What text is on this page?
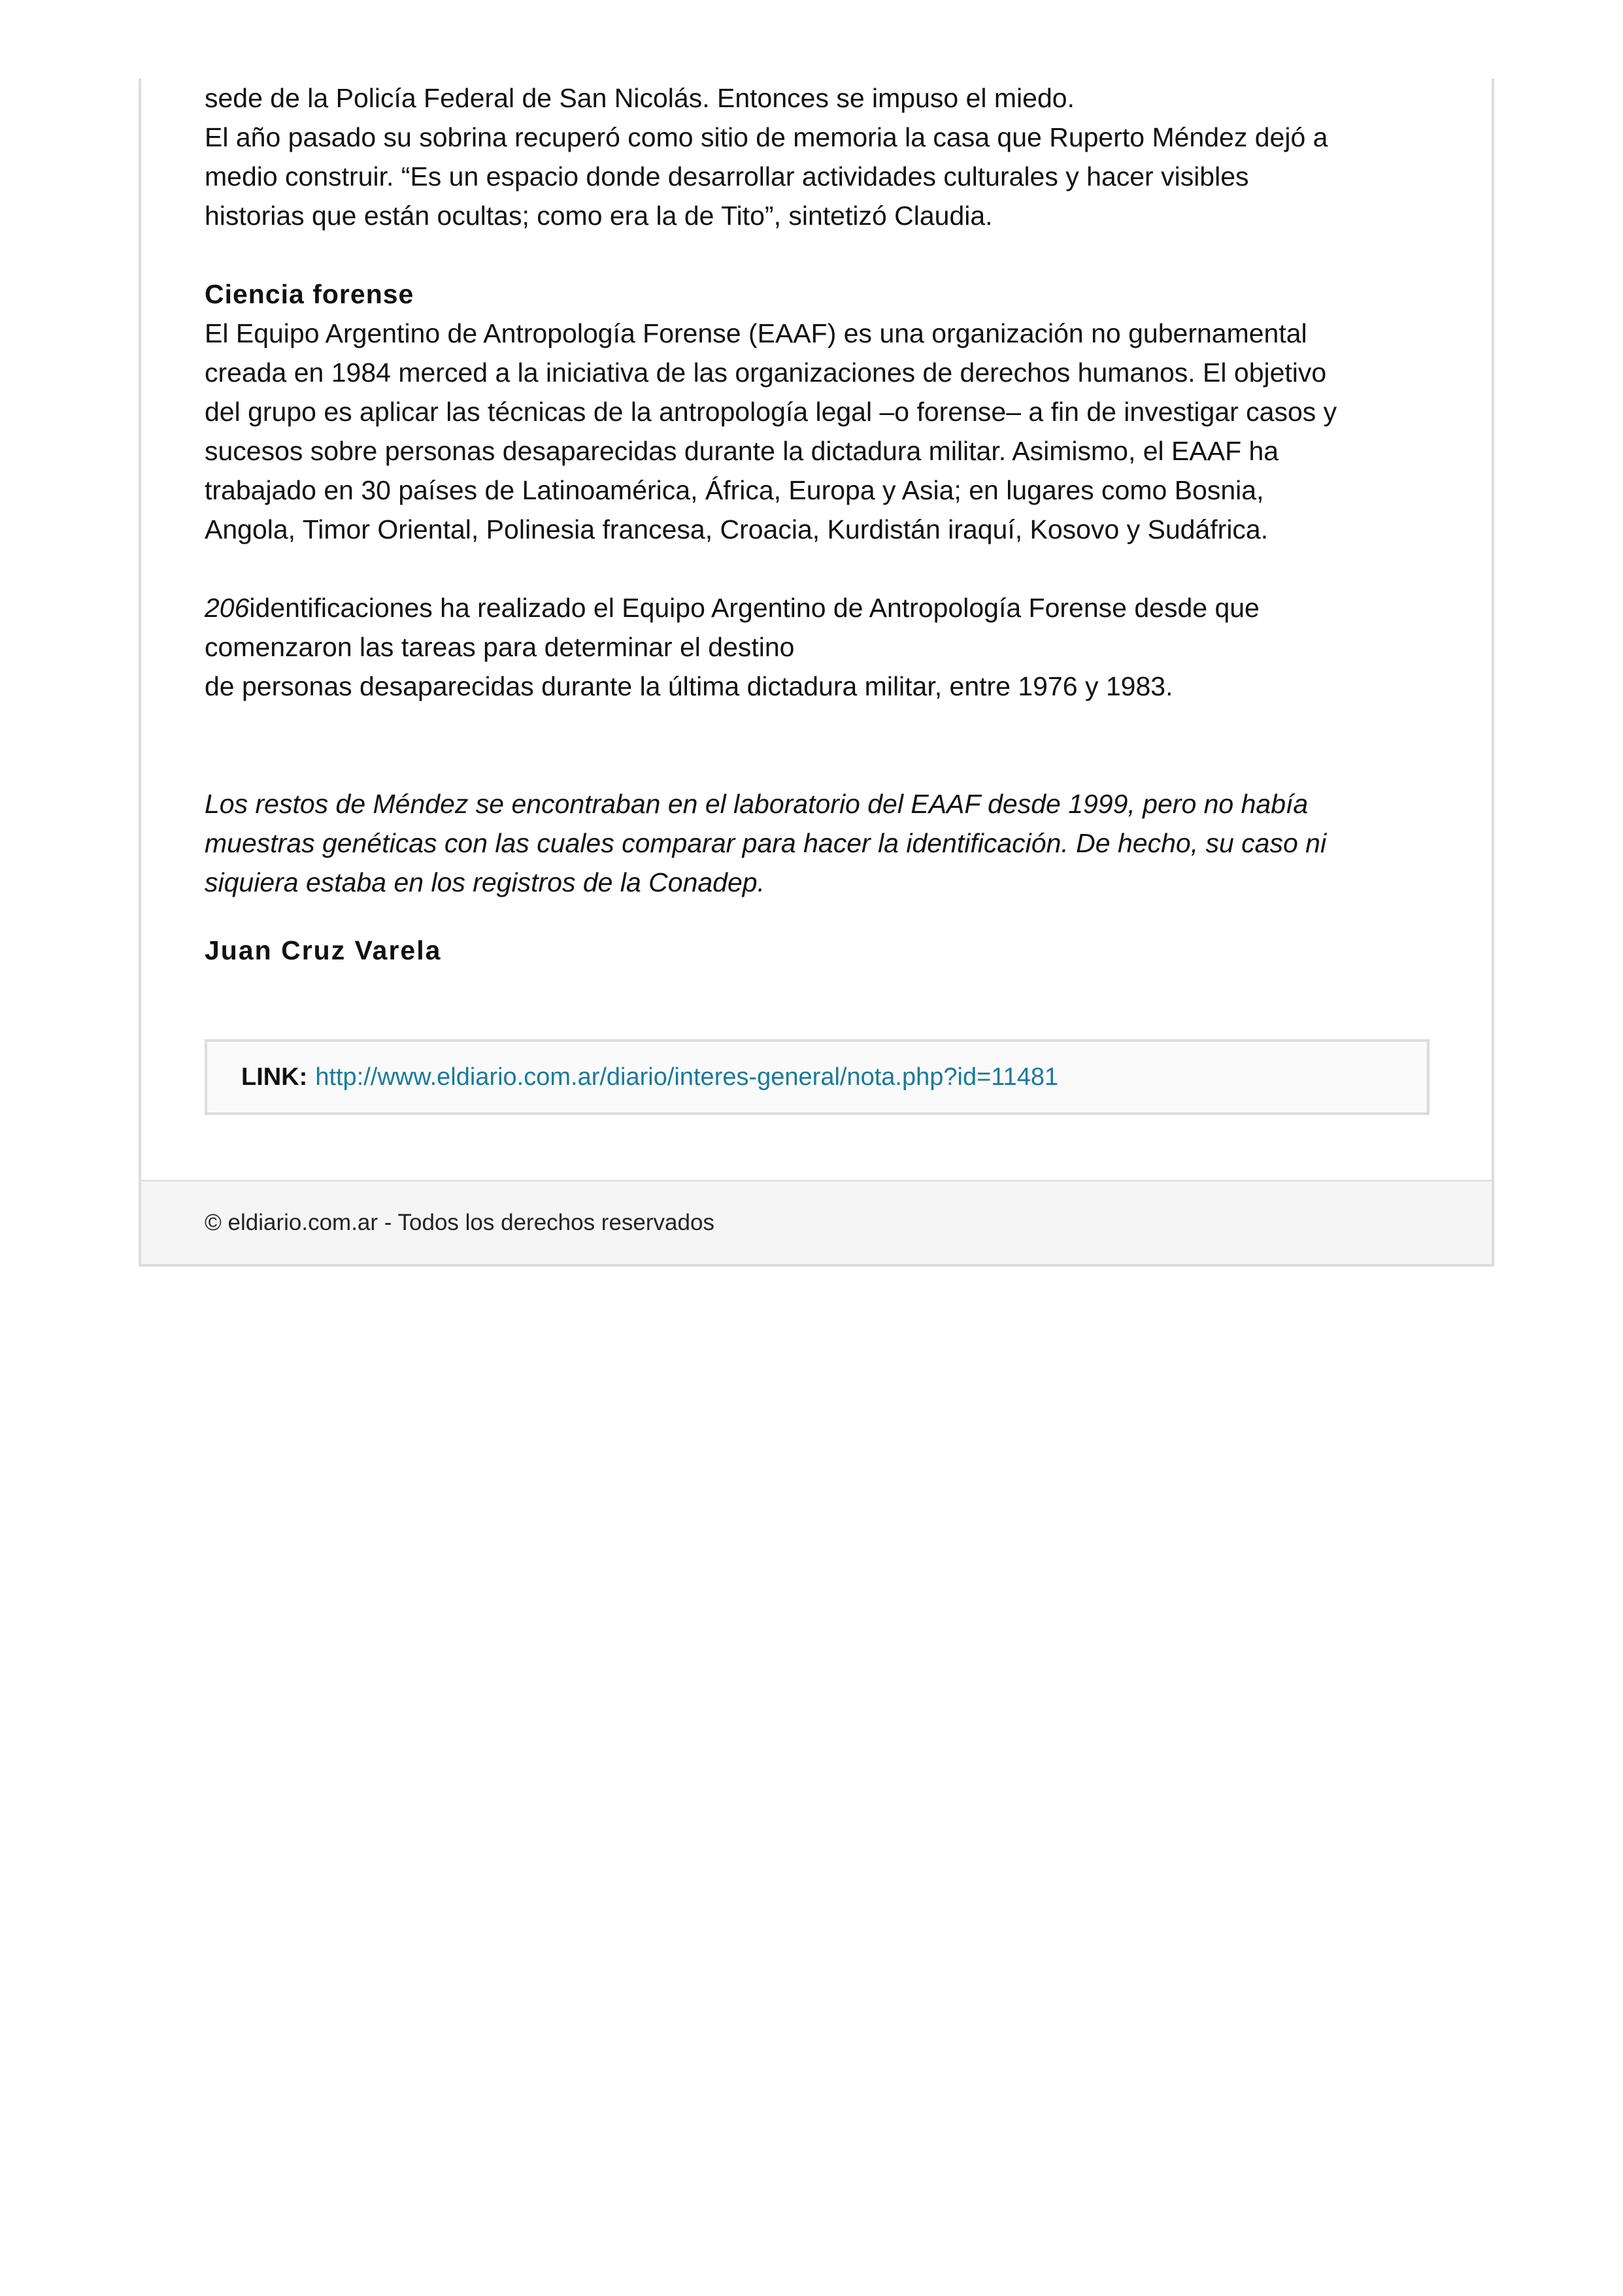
sede de la Policía Federal de San Nicolás. Entonces se impuso el miedo.
El año pasado su sobrina recuperó como sitio de memoria la casa que Ruperto Méndez dejó a
medio construir. “Es un espacio donde desarrollar actividades culturales y hacer visibles
historias que están ocultas; como era la de Tito”, sintetizó Claudia.

Ciencia forense
El Equipo Argentino de Antropología Forense (EAAF) es una organización no gubernamental
creada en 1984 merced a la iniciativa de las organizaciones de derechos humanos. El objetivo
del grupo es aplicar las técnicas de la antropología legal –o forense– a fin de investigar casos y
sucesos sobre personas desaparecidas durante la dictadura militar. Asimismo, el EAAF ha
trabajado en 30 países de Latinoamérica, África, Europa y Asia; en lugares como Bosnia,
Angola, Timor Oriental, Polinesia francesa, Croacia, Kurdistán iraquí, Kosovo y Sudáfrica.

206identificaciones ha realizado el Equipo Argentino de Antropología Forense desde que
comenzaron las tareas para determinar el destino
de personas desaparecidas durante la última dictadura militar, entre 1976 y 1983.

Los restos de Méndez se encontraban en el laboratorio del EAAF desde 1999, pero no había
muestras genéticas con las cuales comparar para hacer la identificación. De hecho, su caso ni
siquiera estaba en los registros de la Conadep.

Juan Cruz Varela

LINK: http://www.eldiario.com.ar/diario/interes-general/nota.php?id=11481
© eldiario.com.ar - Todos los derechos reservados
